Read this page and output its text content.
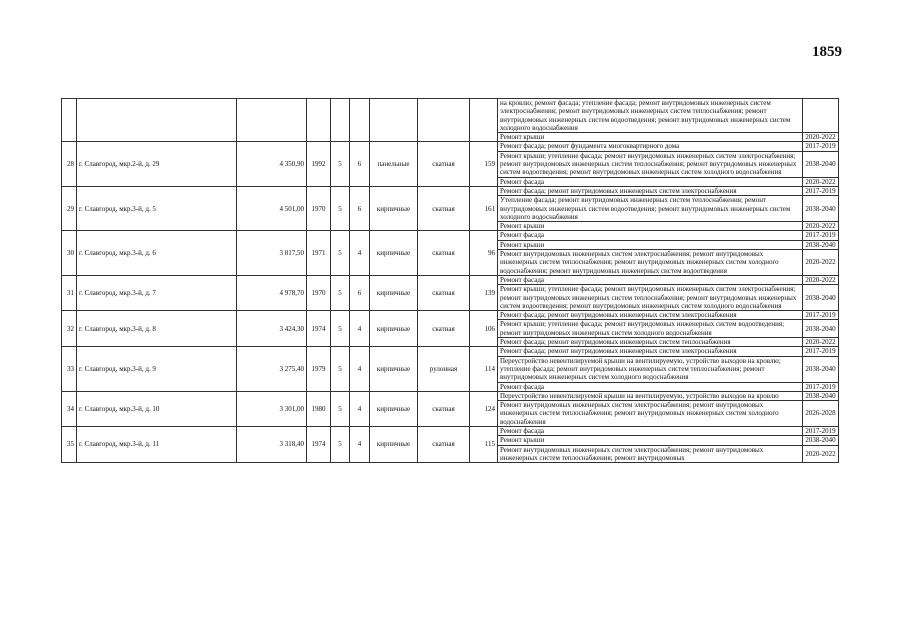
1859
									на кровлю; ремонт фасада; утепление фасада; ремонт внутридомовых инженерных систем электроснабжения; ремонт внутридомовых инженерных систем теплоснабжения; ремонт внутридомовых инженерных систем водоотведения; ремонт внутридомовых инженерных систем холодного водоснабжения	
									Ремонт крыши	2020-2022
28	г. Славгород, мкр.2-й, д. 29	4 350,90	1992	5	6	панельные	скатная	159	Ремонт фасада; ремонт фундамента многоквартирного дома	2017-2019
									Ремонт крыши; утепление фасада; ремонт внутридомовых инженерных систем электроснабжения; ремонт внутридомовых инженерных систем теплоснабжения; ремонт внутридомовых инженерных систем водоотведения; ремонт внутридомовых инженерных систем холодного водоснабжения	2038-2040
									Ремонт фасада	2020-2022
29	г. Славгород, мкр.3-й, д. 5	4 501,00	1970	5	6	кирпичные	скатная	161	Ремонт фасада; ремонт внутридомовых инженерных систем электроснабжения	2017-2019
									Утепление фасада; ремонт внутридомовых инженерных систем теплоснабжения; ремонт внутридомовых инженерных систем водоотведения; ремонт внутридомовых инженерных систем холодного водоснабжения	2038-2040
									Ремонт крыши	2020-2022
30	г. Славгород, мкр.3-й, д. 6	3 817,50	1971	5	4	кирпичные	скатная	96	Ремонт фасада	2017-2019
									Ремонт крыши	2038-2040
									Ремонт внутридомовых инженерных систем электроснабжения; ремонт внутридомовых инженерных систем теплоснабжения; ремонт внутридомовых инженерных систем холодного водоснабжения; ремонт внутридомовых инженерных систем водоотведения	2020-2022
31	г. Славгород, мкр.3-й, д. 7	4 978,70	1970	5	6	кирпичные	скатная	139	Ремонт фасада	2020-2022
									Ремонт крыши; утепление фасада; ремонт внутридомовых инженерных систем электроснабжения; ремонт внутридомовых инженерных систем теплоснабжения; ремонт внутридомовых инженерных систем водоотведения; ремонт внутридомовых инженерных систем холодного водоснабжения	2038-2040
32	г. Славгород, мкр.3-й, д. 8	3 424,30	1974	5	4	кирпичные	скатная	106	Ремонт фасада; ремонт внутридомовых инженерных систем электроснабжения	2017-2019
									Ремонт крыши; утепление фасада; ремонт внутридомовых инженерных систем водоотведения; ремонт внутридомовых инженерных систем холодного водоснабжения	2038-2040
									Ремонт фасада; ремонт внутридомовых инженерных систем теплоснабжения	2020-2022
33	г. Славгород, мкр.3-й, д. 9	3 275,40	1979	5	4	кирпичные	рулонная	114	Ремонт фасада; ремонт внутридомовых инженерных систем электроснабжения	2017-2019
									Переустройство невентилируемой крыши на вентилируемую, устройство выходов на кровлю; утепление фасада; ремонт внутридомовых инженерных систем теплоснабжения; ремонт внутридомовых инженерных систем холодного водоснабжения	2038-2040
									Ремонт фасада	2017-2019
34	г. Славгород, мкр.3-й, д. 10	3 301,00	1980	5	4	кирпичные	скатная	124	Переустройство невентилируемой крыши на вентилируемую, устройство выходов на кровлю	2038-2040
									Ремонт внутридомовых инженерных систем электроснабжения; ремонт внутридомовых инженерных систем теплоснабжения; ремонт внутридомовых инженерных систем холодного водоснабжения	2026-2028
35	г. Славгород, мкр.3-й, д. 11	3 318,40	1974	5	4	кирпичные	скатная	115	Ремонт фасада	2017-2019
									Ремонт крыши	2038-2040
									Ремонт внутридомовых инженерных систем электроснабжения; ремонт внутридомовых инженерных систем теплоснабжения; ремонт внутридомовых	2020-2022
